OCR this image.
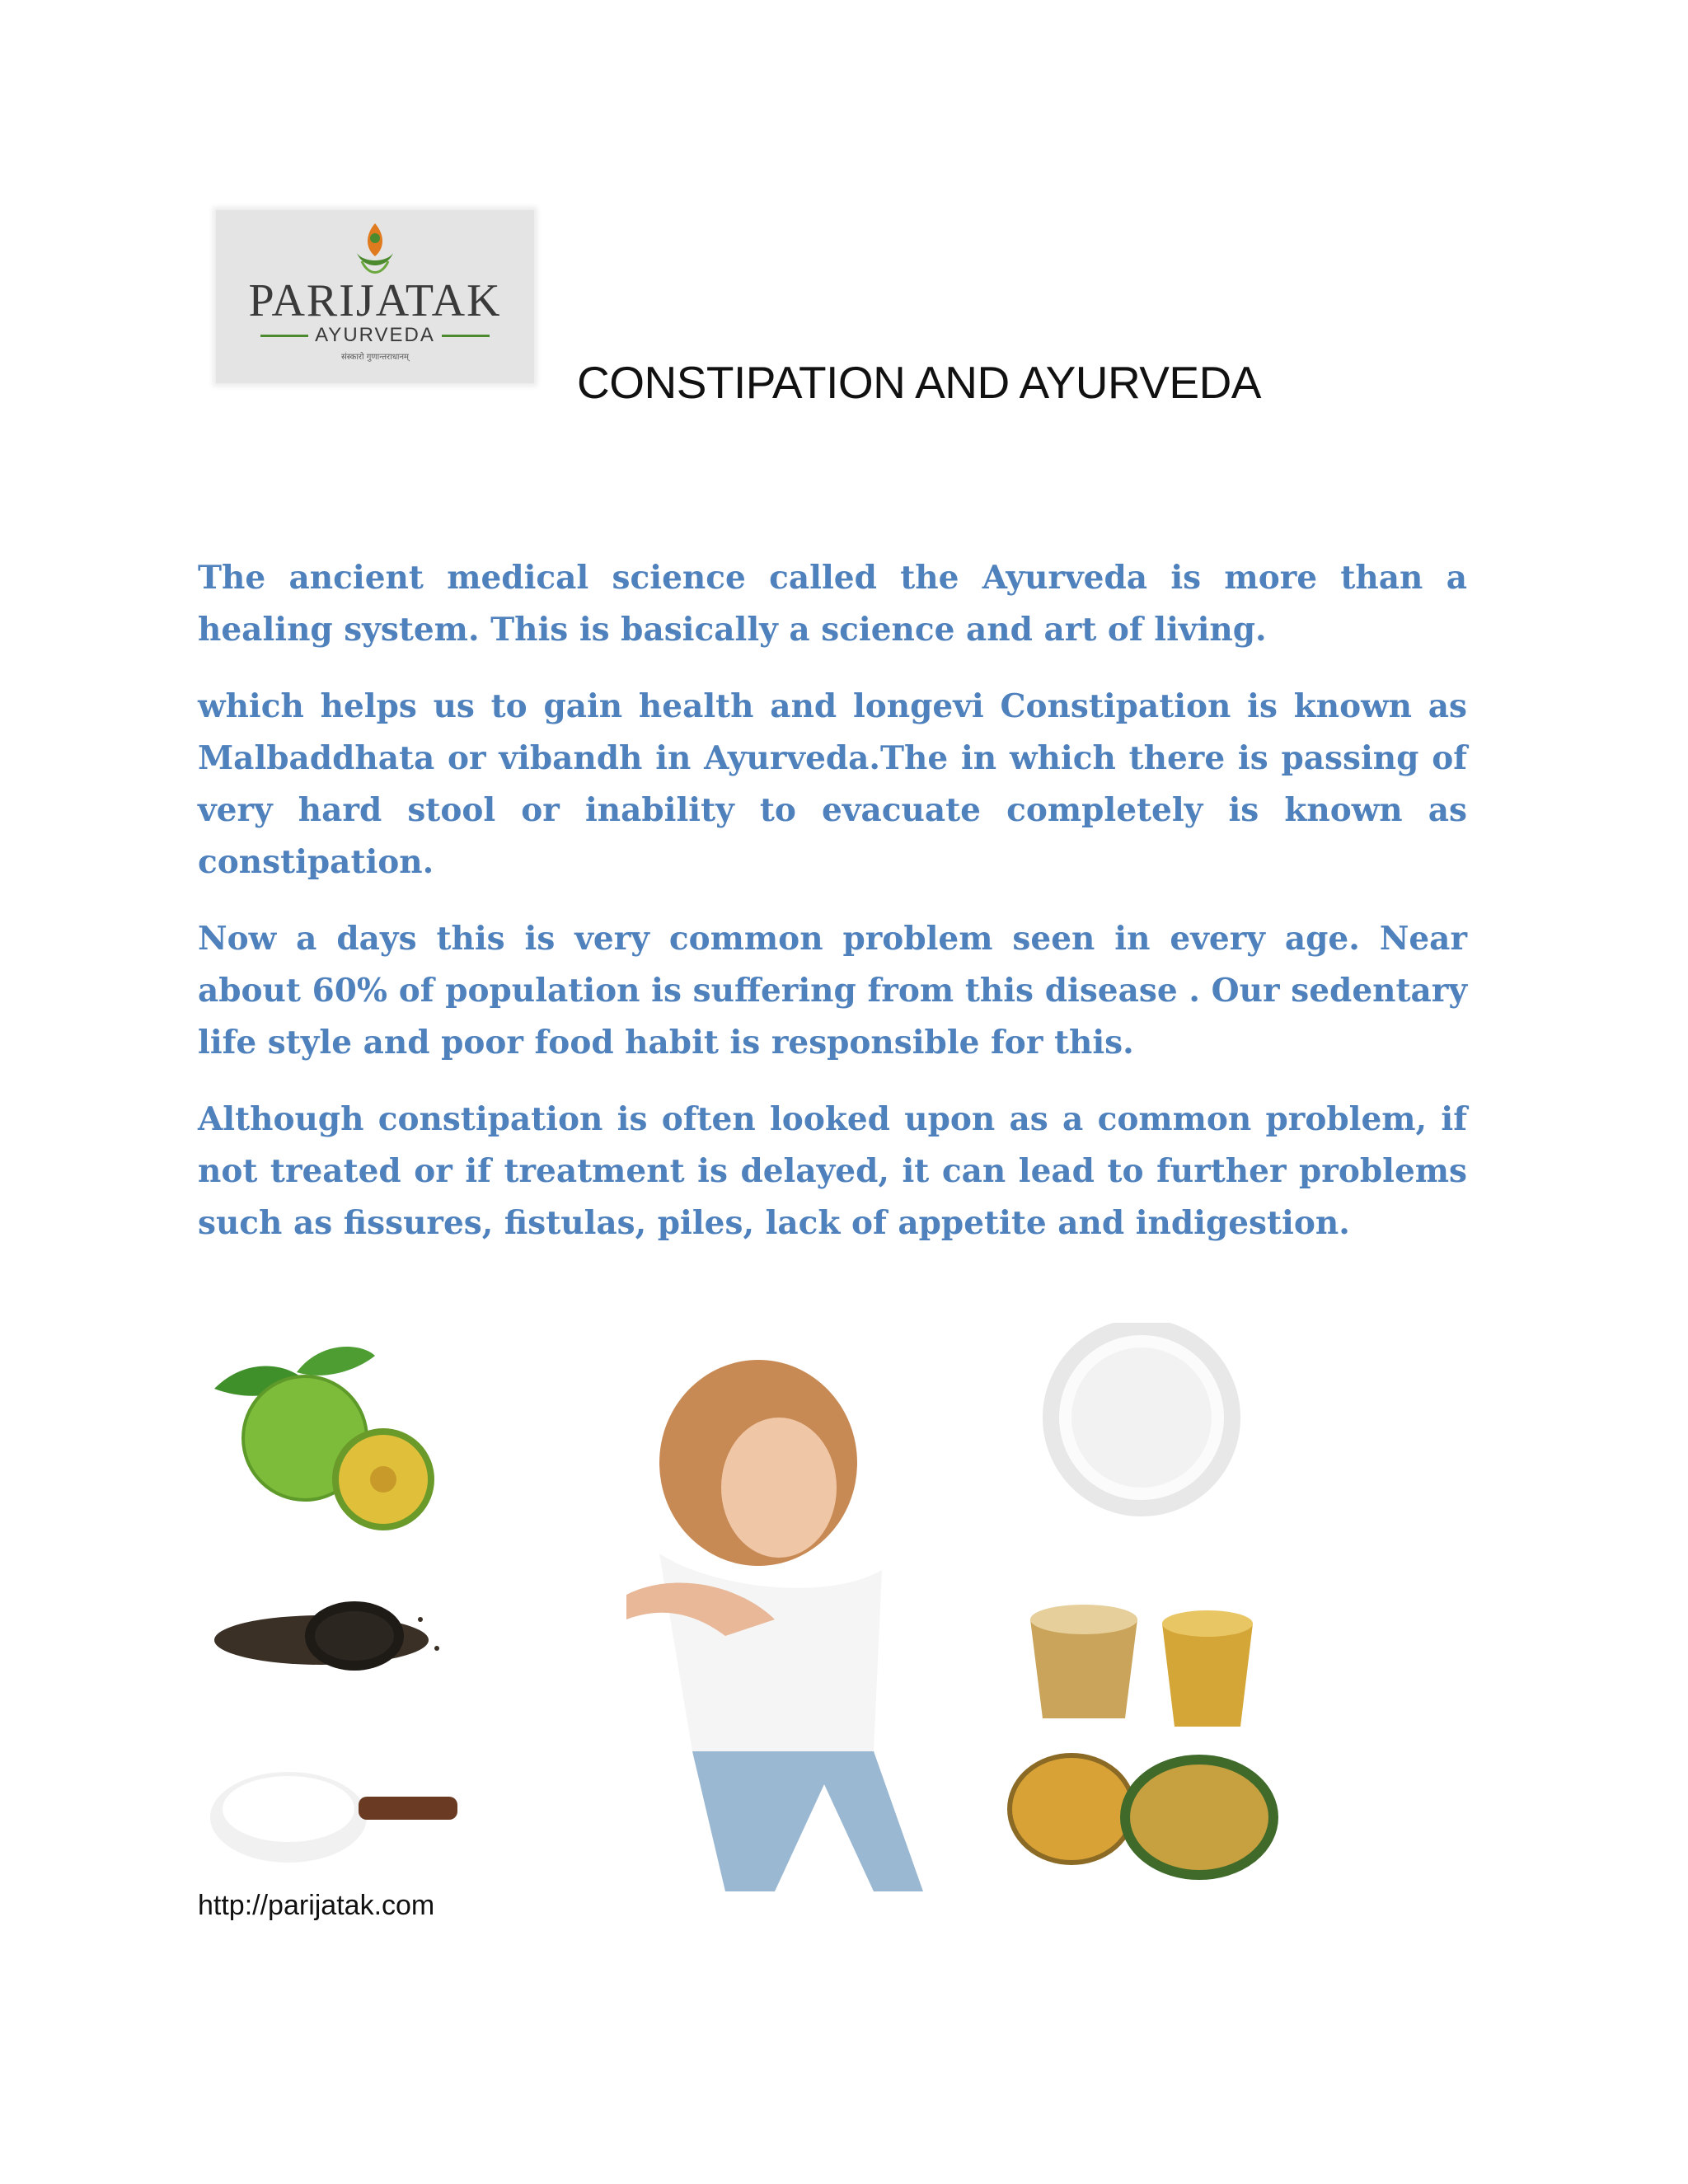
PARIJATAK
AYURVEDA
संस्कारो गुणान्तराधानम्	CONSTIPATION AND AYURVEDA

The ancient medical science called the Ayurveda is more than a healing system. This is basically a science and art of living.

which helps us to gain health and longevi Constipation is known as Malbaddhata or vibandh in Ayurveda.The in which there is passing of very hard stool or inability to evacuate completely is known as constipation.

Now a days this is very common problem seen in every age. Near about 60% of population is suffering from this disease . Our sedentary life style and poor food habit is responsible for this.

Although constipation is often looked upon as a common problem, if not treated or if treatment is delayed, it can lead to further problems such as fissures, fistulas, piles, lack of appetite and indigestion.

http://parijatak.com
